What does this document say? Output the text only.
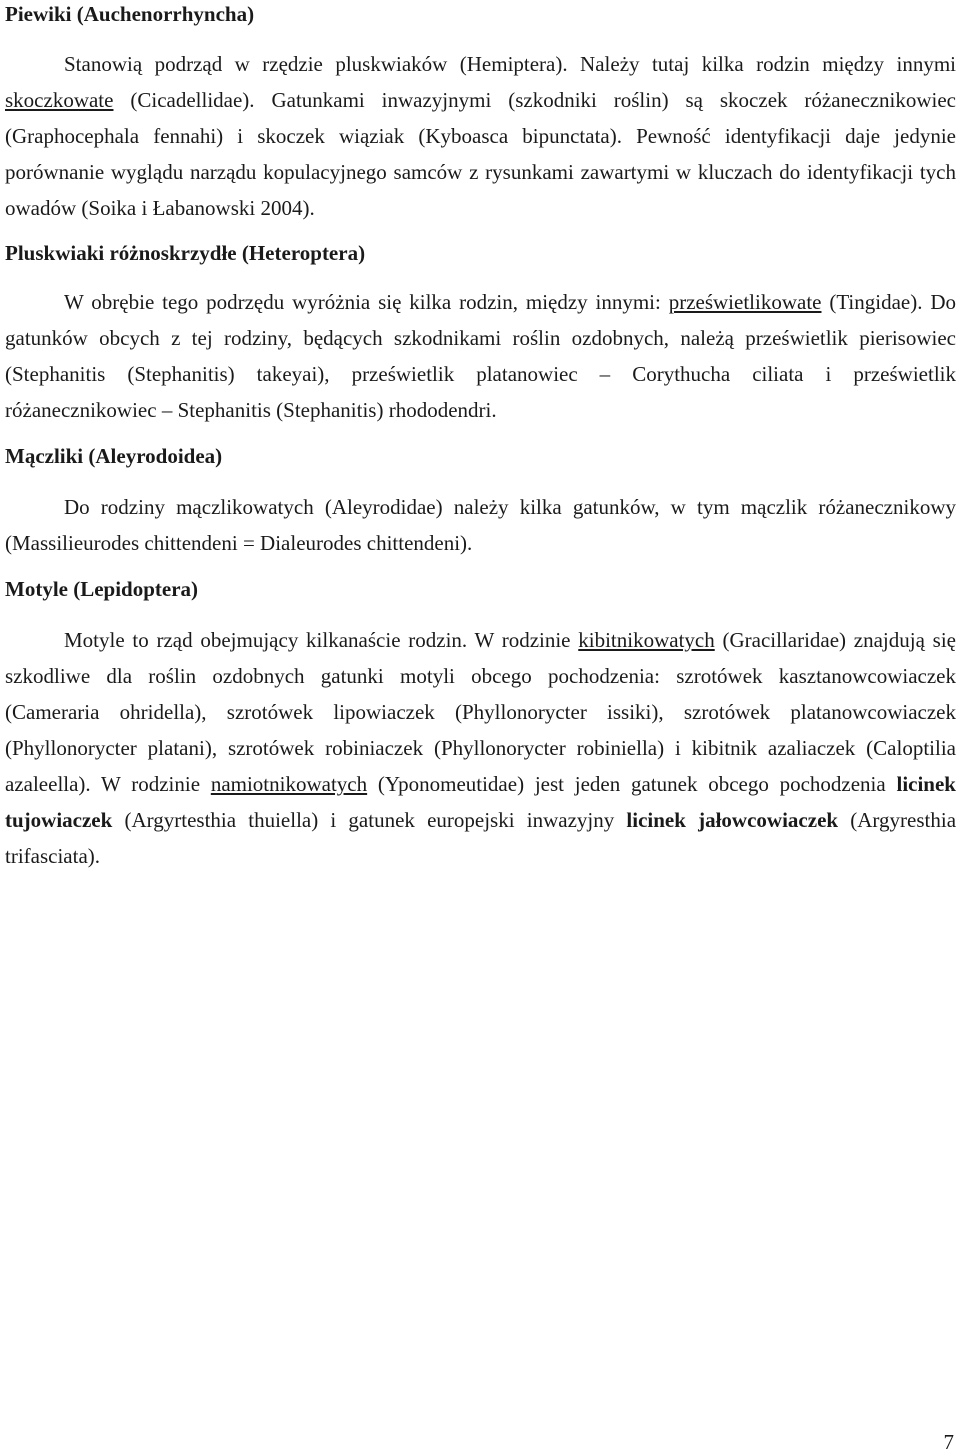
Piewiki (Auchenorrhyncha)

Stanowią podrząd w rzędzie pluskwiaków (Hemiptera). Należy tutaj kilka rodzin między innymi skoczkowate (Cicadellidae). Gatunkami inwazyjnymi (szkodniki roślin) są skoczek różanecznikowiec (Graphocephala fennahi) i skoczek wiąziak (Kyboasca bipunctata). Pewność identyfikacji daje jedynie porównanie wyglądu narządu kopulacyjnego samców z rysunkami zawartymi w kluczach do identyfikacji tych owadów (Soika i Łabanowski 2004).

Pluskwiaki różnoskrzydłe (Heteroptera)

W obrębie tego podrzędu wyróżnia się kilka rodzin, między innymi: prześwietlikowate (Tingidae). Do gatunków obcych z tej rodziny, będących szkodnikami roślin ozdobnych, należą prześwietlik pierisowiec (Stephanitis (Stephanitis) takeyai), prześwietlik platanowiec – Corythucha ciliata i prześwietlik różanecznikowiec – Stephanitis (Stephanitis) rhododendri.

Mączliki (Aleyrodoidea)

Do rodziny mączlikowatych (Aleyrodidae) należy kilka gatunków, w tym mączlik różanecznikowy (Massilieurodes chittendeni = Dialeurodes chittendeni).

Motyle (Lepidoptera)

Motyle to rząd obejmujący kilkanaście rodzin. W rodzinie kibitnikowatych (Gracillaridae) znajdują się szkodliwe dla roślin ozdobnych gatunki motyli obcego pochodzenia: szrotówek kasztanowcowiaczek (Cameraria ohridella), szrotówek lipowiaczek (Phyllonorycter issiki), szrotówek platanowcowiaczek (Phyllonorycter platani), szrotówek robiniaczek (Phyllonorycter robiniella) i kibitnik azaliaczek (Caloptilia azaleella). W rodzinie namiotnikowatych (Yponomeutidae) jest jeden gatunek obcego pochodzenia licinek tujowiaczek (Argyrtesthia thuiella) i gatunek europejski inwazyjny licinek jałowcowiaczek (Argyresthia trifasciata).

7
